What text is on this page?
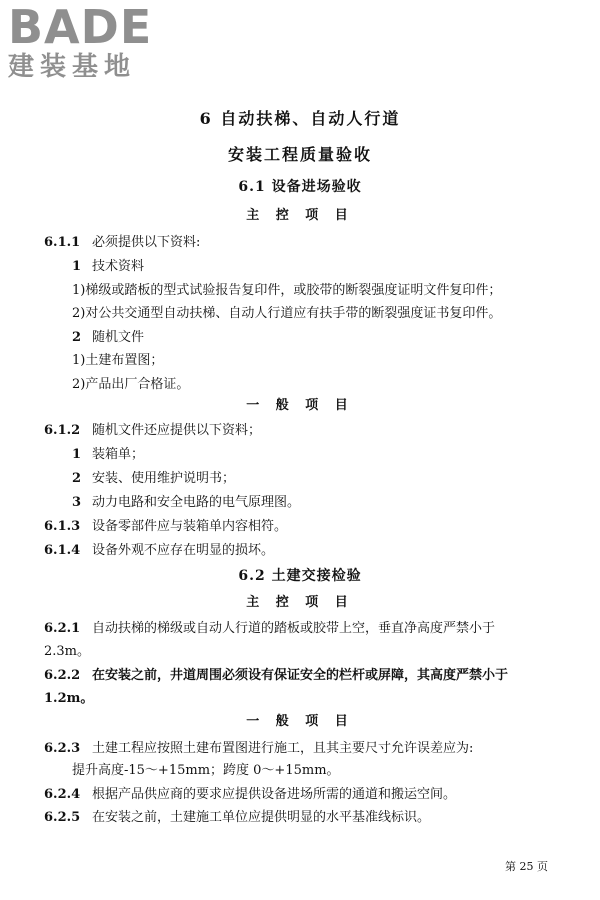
BADE
建装基地
6 自动扶梯、自动人行道
安装工程质量验收
6.1 设备进场验收
主 控 项 目
6.1.1 必须提供以下资料:
1 技术资料
1)梯级或踏板的型式试验报告复印件，或胶带的断裂强度证明文件复印件；
2)对公共交通型自动扶梯、自动人行道应有扶手带的断裂强度证书复印件。
2 随机文件
1)土建布置图；
2)产品出厂合格证。
一 般 项 目
6.1.2 随机文件还应提供以下资料；
1 装箱单；
2 安装、使用维护说明书；
3 动力电路和安全电路的电气原理图。
6.1.3 设备零部件应与装箱单内容相符。
6.1.4 设备外观不应存在明显的损坏。
6.2 土建交接检验
主 控 项 目
6.2.1 自动扶梯的梯级或自动人行道的踏板或胶带上空，垂直净高度严禁小于
2.3m。
6.2.2 在安装之前，井道周围必须设有保证安全的栏杆或屏障，其高度严禁小于
1.2m。
一 般 项 目
6.2.3 土建工程应按照土建布置图进行施工，且其主要尺寸允许误差应为:
提升高度-15～+15mm；跨度 0～+15mm。
6.2.4 根据产品供应商的要求应提供设备进场所需的通道和搬运空间。
6.2.5 在安装之前，土建施工单位应提供明显的水平基准线标识。
第 25 页
